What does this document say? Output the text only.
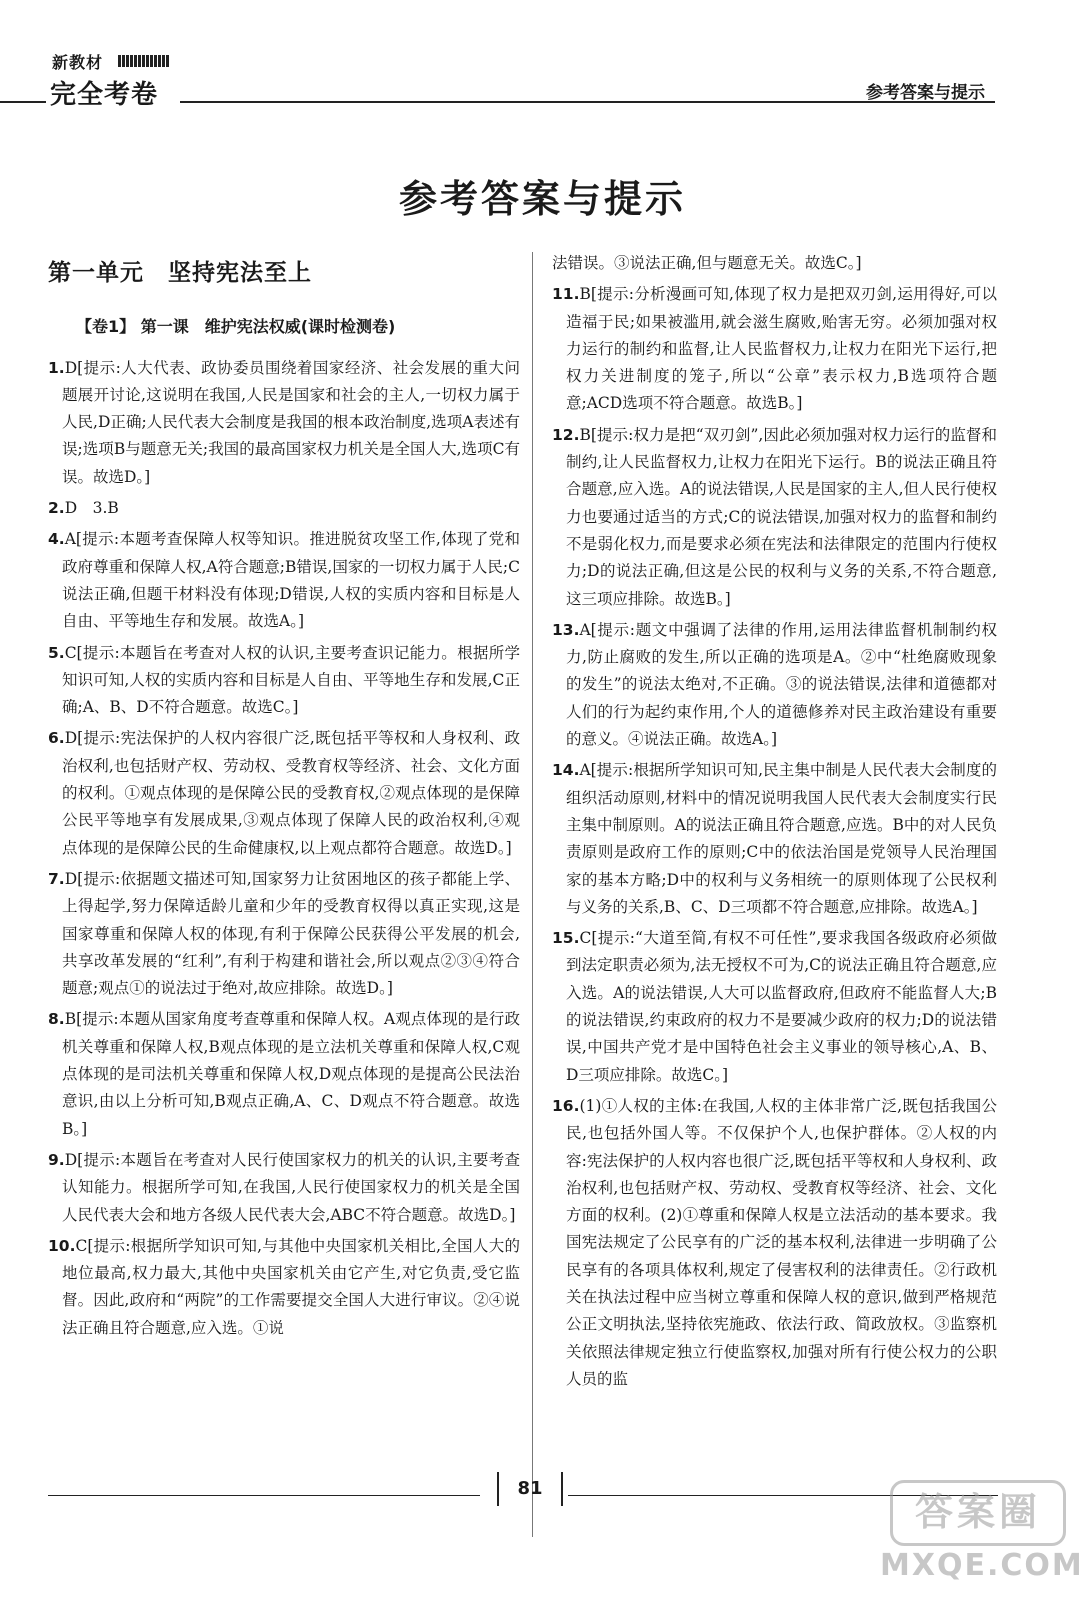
新教材
完全考卷	参考答案与提示
参考答案与提示
第一单元　坚持宪法至上
【卷1】 第一课　维护宪法权威(课时检测卷)

1.D[提示:人大代表、政协委员围绕着国家经济、社会发展的重大问题展开讨论,这说明在我国,人民是国家和社会的主人,一切权力属于人民,D正确;人民代表大会制度是我国的根本政治制度,选项A表述有误;选项B与题意无关;我国的最高国家权力机关是全国人大,选项C有误。故选D。]

2.D　3.B

4.A[提示:本题考查保障人权等知识。推进脱贫攻坚工作,体现了党和政府尊重和保障人权,A符合题意;B错误,国家的一切权力属于人民;C说法正确,但题干材料没有体现;D错误,人权的实质内容和目标是人自由、平等地生存和发展。故选A。]

5.C[提示:本题旨在考查对人权的认识,主要考查识记能力。根据所学知识可知,人权的实质内容和目标是人自由、平等地生存和发展,C正确;A、B、D不符合题意。故选C。]

6.D[提示:宪法保护的人权内容很广泛,既包括平等权和人身权利、政治权利,也包括财产权、劳动权、受教育权等经济、社会、文化方面的权利。①观点体现的是保障公民的受教育权,②观点体现的是保障公民平等地享有发展成果,③观点体现了保障人民的政治权利,④观点体现的是保障公民的生命健康权,以上观点都符合题意。故选D。]

7.D[提示:依据题文描述可知,国家努力让贫困地区的孩子都能上学、上得起学,努力保障适龄儿童和少年的受教育权得以真正实现,这是国家尊重和保障人权的体现,有利于保障公民获得公平发展的机会,共享改革发展的“红利”,有利于构建和谐社会,所以观点②③④符合题意;观点①的说法过于绝对,故应排除。故选D。]

8.B[提示:本题从国家角度考查尊重和保障人权。A观点体现的是行政机关尊重和保障人权,B观点体现的是立法机关尊重和保障人权,C观点体现的是司法机关尊重和保障人权,D观点体现的是提高公民法治意识,由以上分析可知,B观点正确,A、C、D观点不符合题意。故选B。]

9.D[提示:本题旨在考查对人民行使国家权力的机关的认识,主要考查认知能力。根据所学可知,在我国,人民行使国家权力的机关是全国人民代表大会和地方各级人民代表大会,ABC不符合题意。故选D。]

10.C[提示:根据所学知识可知,与其他中央国家机关相比,全国人大的地位最高,权力最大,其他中央国家机关由它产生,对它负责,受它监督。因此,政府和“两院”的工作需要提交全国人大进行审议。②④说法正确且符合题意,应入选。①说

法错误。③说法正确,但与题意无关。故选C。]

11.B[提示:分析漫画可知,体现了权力是把双刃剑,运用得好,可以造福于民;如果被滥用,就会滋生腐败,贻害无穷。必须加强对权力运行的制约和监督,让人民监督权力,让权力在阳光下运行,把权力关进制度的笼子,所以“公章”表示权力,B选项符合题意;ACD选项不符合题意。故选B。]

12.B[提示:权力是把“双刃剑”,因此必须加强对权力运行的监督和制约,让人民监督权力,让权力在阳光下运行。B的说法正确且符合题意,应入选。A的说法错误,人民是国家的主人,但人民行使权力也要通过适当的方式;C的说法错误,加强对权力的监督和制约不是弱化权力,而是要求必须在宪法和法律限定的范围内行使权力;D的说法正确,但这是公民的权利与义务的关系,不符合题意,这三项应排除。故选B。]

13.A[提示:题文中强调了法律的作用,运用法律监督机制制约权力,防止腐败的发生,所以正确的选项是A。②中“杜绝腐败现象的发生”的说法太绝对,不正确。③的说法错误,法律和道德都对人们的行为起约束作用,个人的道德修养对民主政治建设有重要的意义。④说法正确。故选A。]

14.A[提示:根据所学知识可知,民主集中制是人民代表大会制度的组织活动原则,材料中的情况说明我国人民代表大会制度实行民主集中制原则。A的说法正确且符合题意,应选。B中的对人民负责原则是政府工作的原则;C中的依法治国是党领导人民治理国家的基本方略;D中的权利与义务相统一的原则体现了公民权利与义务的关系,B、C、D三项都不符合题意,应排除。故选A。]

15.C[提示:“大道至简,有权不可任性”,要求我国各级政府必须做到法定职责必须为,法无授权不可为,C的说法正确且符合题意,应入选。A的说法错误,人大可以监督政府,但政府不能监督人大;B的说法错误,约束政府的权力不是要减少政府的权力;D的说法错误,中国共产党才是中国特色社会主义事业的领导核心,A、B、D三项应排除。故选C。]

16.(1)①人权的主体:在我国,人权的主体非常广泛,既包括我国公民,也包括外国人等。不仅保护个人,也保护群体。②人权的内容:宪法保护的人权内容也很广泛,既包括平等权和人身权利、政治权利,也包括财产权、劳动权、受教育权等经济、社会、文化方面的权利。(2)①尊重和保障人权是立法活动的基本要求。我国宪法规定了公民享有的广泛的基本权利,法律进一步明确了公民享有的各项具体权利,规定了侵害权利的法律责任。②行政机关在执法过程中应当树立尊重和保障人权的意识,做到严格规范公正文明执法,坚持依宪施政、依法行政、简政放权。③监察机关依照法律规定独立行使监察权,加强对所有行使公权力的公职人员的监

81
答案圈
MXQE.COM
